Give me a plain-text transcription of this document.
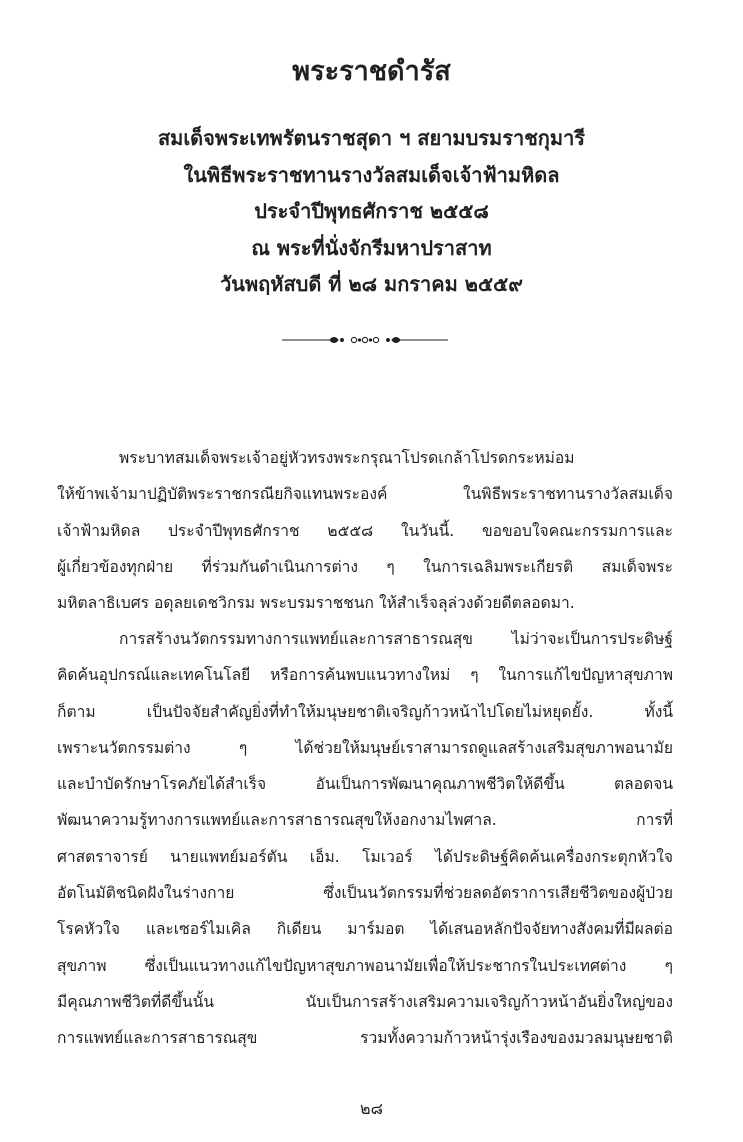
พระราชดำรัส
สมเด็จพระเทพรัตนราชสุดา ฯ สยามบรมราชกุมารี
ในพิธีพระราชทานรางวัลสมเด็จเจ้าฟ้ามหิดล
ประจำปีพุทธศักราช ๒๕๕๘
ณ พระที่นั่งจักรีมหาปราสาท
วันพฤหัสบดี ที่ ๒๘ มกราคม ๒๕๕๙
พระบาทสมเด็จพระเจ้าอยู่หัวทรงพระกรุณาโปรดเกล้าโปรดกระหม่อม
ให้ข้าพเจ้ามาปฏิบัติพระราชกรณียกิจแทนพระองค์ ในพิธีพระราชทานรางวัลสมเด็จ
เจ้าฟ้ามหิดล ประจำปีพุทธศักราช ๒๕๕๘ ในวันนี้. ขอขอบใจคณะกรรมการและ
ผู้เกี่ยวข้องทุกฝ่าย ที่ร่วมกันดำเนินการต่าง ๆ ในการเฉลิมพระเกียรติ สมเด็จพระ
มหิตลาธิเบศร อดุลยเดชวิกรม พระบรมราชชนก ให้สำเร็จลุล่วงด้วยดีตลอดมา.
การสร้างนวัตกรรมทางการแพทย์และการสาธารณสุข ไม่ว่าจะเป็นการประดิษฐ์
คิดค้นอุปกรณ์และเทคโนโลยี หรือการค้นพบแนวทางใหม่ ๆ ในการแก้ไขปัญหาสุขภาพ
ก็ตาม เป็นปัจจัยสำคัญยิ่งที่ทำให้มนุษยชาติเจริญก้าวหน้าไปโดยไม่หยุดยั้ง. ทั้งนี้
เพราะนวัตกรรมต่าง ๆ ได้ช่วยให้มนุษย์เราสามารถดูแลสร้างเสริมสุขภาพอนามัย
และบำบัดรักษาโรคภัยได้สำเร็จ อันเป็นการพัฒนาคุณภาพชีวิตให้ดีขึ้น ตลอดจน
พัฒนาความรู้ทางการแพทย์และการสาธารณสุขให้งอกงามไพศาล. การที่
ศาสตราจารย์ นายแพทย์มอร์ตัน เอ็ม. โมเวอร์ ได้ประดิษฐ์คิดค้นเครื่องกระตุกหัวใจ
อัตโนมัติชนิดฝังในร่างกาย ซึ่งเป็นนวัตกรรมที่ช่วยลดอัตราการเสียชีวิตของผู้ป่วย
โรคหัวใจ และเซอร์ไมเคิล กิเดียน มาร์มอต ได้เสนอหลักปัจจัยทางสังคมที่มีผลต่อ
สุขภาพ ซึ่งเป็นแนวทางแก้ไขปัญหาสุขภาพอนามัยเพื่อให้ประชากรในประเทศต่าง ๆ
มีคุณภาพชีวิตที่ดีขึ้นนั้น นับเป็นการสร้างเสริมความเจริญก้าวหน้าอันยิ่งใหญ่ของ
การแพทย์และการสาธารณสุข รวมทั้งความก้าวหน้ารุ่งเรืองของมวลมนุษยชาติ
๒๘
